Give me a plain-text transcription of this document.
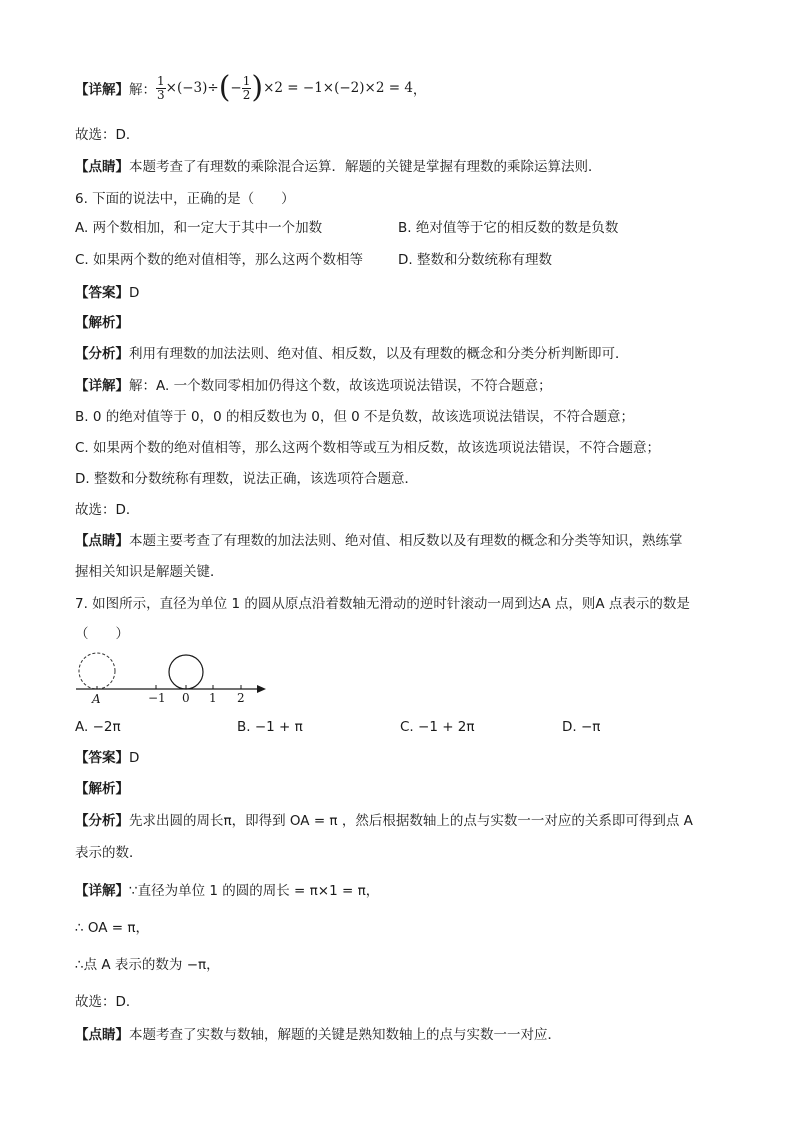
【详解】 解： $\frac{1}{3} \times(-3)\div$ ( − $\frac{1}{2}$ ) ×2 = −1×(−2)×2 = 4 ，
故选：D．
【点睛】本题考查了有理数的乘除混合运算．解题的关键是掌握有理数的乘除运算法则．
6. 下面的说法中，正确的是（　　）
A. 两个数相加，和一定大于其中一个加数	B. 绝对值等于它的相反数的数是负数
C. 如果两个数的绝对值相等，那么这两个数相等	D. 整数和分数统称有理数
【答案】D
【解析】
【分析】利用有理数的加法法则、绝对值、相反数，以及有理数的概念和分类分析判断即可．
【详解】解：A. 一个数同零相加仍得这个数，故该选项说法错误，不符合题意；
B. 0 的绝对值等于 0，0 的相反数也为 0，但 0 不是负数，故该选项说法错误，不符合题意；
C. 如果两个数的绝对值相等，那么这两个数相等或互为相反数，故该选项说法错误，不符合题意；
D. 整数和分数统称有理数，说法正确，该选项符合题意．
故选：D．
【点睛】本题主要考查了有理数的加法法则、绝对值、相反数以及有理数的概念和分类等知识，熟练掌
握相关知识是解题关键．
7. 如图所示，直径为单位 1 的圆从原点沿着数轴无滑动的逆时针滚动一周到达A 点，则A 点表示的数是
（　　）
A	−1 0 1 2
A. −2π	B. −1 + π	C. −1 + 2π	D. −π
【答案】D
【解析】
【分析】先求出圆的周长π，即得到 OA = π ，然后根据数轴上的点与实数一一对应的关系即可得到点 A
表示的数．
【详解】∵直径为单位 1 的圆的周长 = π×1 = π，
∴ OA = π，
∴点 A 表示的数为 −π，
故选：D．
【点睛】本题考查了实数与数轴，解题的关键是熟知数轴上的点与实数一一对应．
